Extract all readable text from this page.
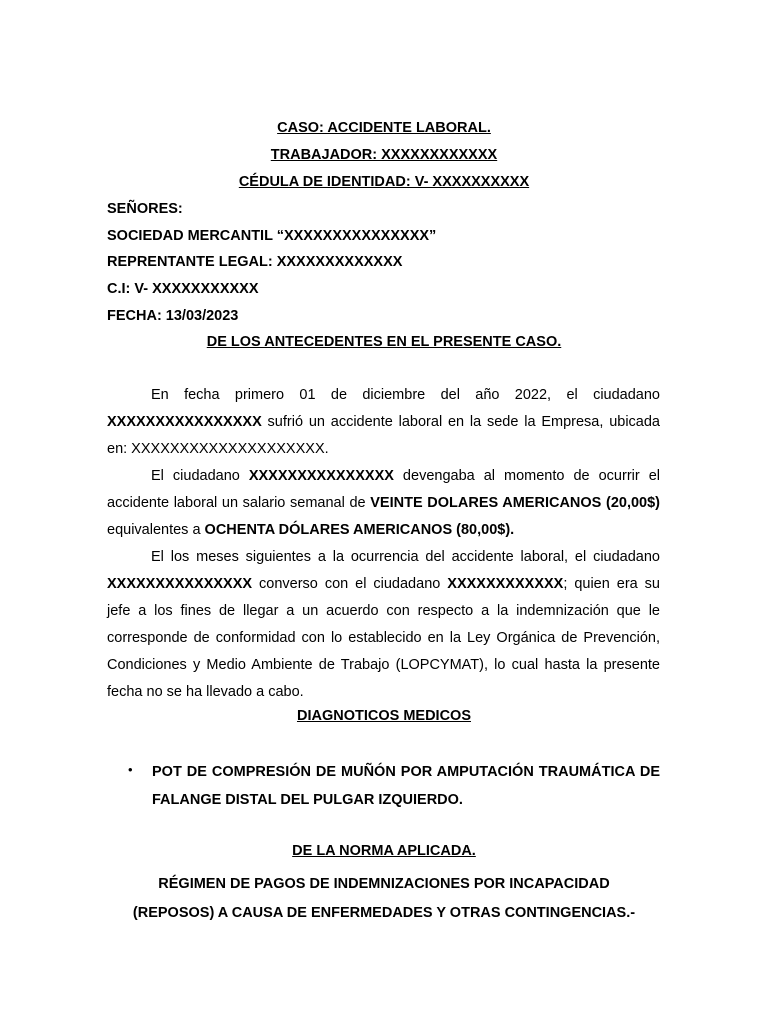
CASO: ACCIDENTE LABORAL.
TRABAJADOR: XXXXXXXXXXXX
CÉDULA DE IDENTIDAD: V- XXXXXXXXXX
SEÑORES:
SOCIEDAD MERCANTIL “XXXXXXXXXXXXXXX”
REPRENTANTE LEGAL: XXXXXXXXXXXXX
C.I: V- XXXXXXXXXXX
FECHA: 13/03/2023
DE LOS ANTECEDENTES EN EL PRESENTE CASO.

En fecha primero 01 de diciembre del año 2022, el ciudadano XXXXXXXXXXXXXXXX sufrió un accidente laboral en la sede la Empresa, ubicada en: XXXXXXXXXXXXXXXXXXXX.

El ciudadano XXXXXXXXXXXXXXX devengaba al momento de ocurrir el accidente laboral un salario semanal de VEINTE DOLARES AMERICANOS (20,00$) equivalentes a OCHENTA DÓLARES AMERICANOS (80,00$).

El los meses siguientes a la ocurrencia del accidente laboral, el ciudadano XXXXXXXXXXXXXXX converso con el ciudadano XXXXXXXXXXXX; quien era su jefe a los fines de llegar a un acuerdo con respecto a la indemnización que le corresponde de conformidad con lo establecido en la Ley Orgánica de Prevención, Condiciones y Medio Ambiente de Trabajo (LOPCYMAT), lo cual hasta la presente fecha no se ha llevado a cabo.

DIAGNOTICOS MEDICOS
• POT DE COMPRESIÓN DE MUÑÓN POR AMPUTACIÓN TRAUMÁTICA DE FALANGE DISTAL DEL PULGAR IZQUIERDO.
DE LA NORMA APLICADA.
RÉGIMEN DE PAGOS DE INDEMNIZACIONES POR INCAPACIDAD
(REPOSOS) A CAUSA DE ENFERMEDADES Y OTRAS CONTINGENCIAS.-
